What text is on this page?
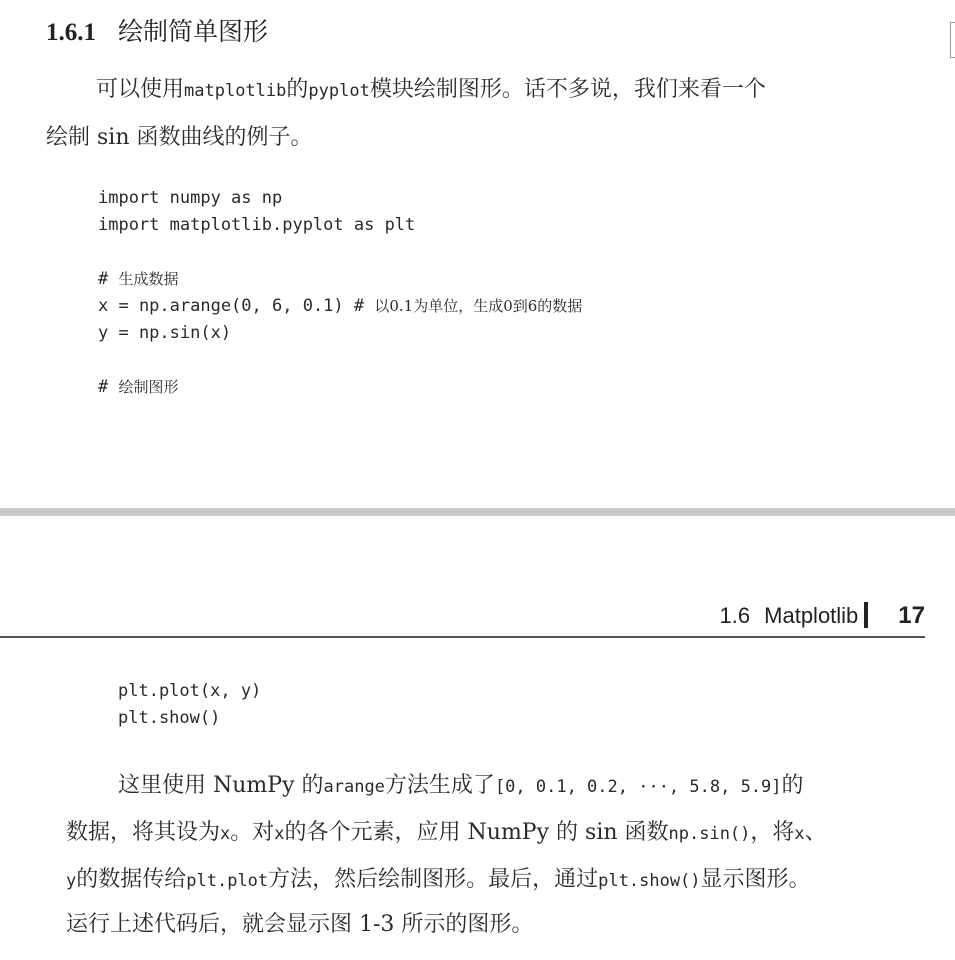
1.6.1 绘制简单图形
可以使用matplotlib的pyplot模块绘制图形。话不多说，我们来看一个
绘制 sin 函数曲线的例子。
import numpy as np
import matplotlib.pyplot as plt
# 生成数据
x = np.arange(0, 6, 0.1) # 以0.1为单位，生成0到6的数据
y = np.sin(x)
# 绘制图形
1.6 Matplotlib 17
plt.plot(x, y)
plt.show()
这里使用 NumPy 的arange方法生成了[0, 0.1, 0.2, ···, 5.8, 5.9]的
数据，将其设为x。对x的各个元素，应用 NumPy 的 sin 函数np.sin()，将x、
y的数据传给plt.plot方法，然后绘制图形。最后，通过plt.show()显示图形。
运行上述代码后，就会显示图 1-3 所示的图形。
